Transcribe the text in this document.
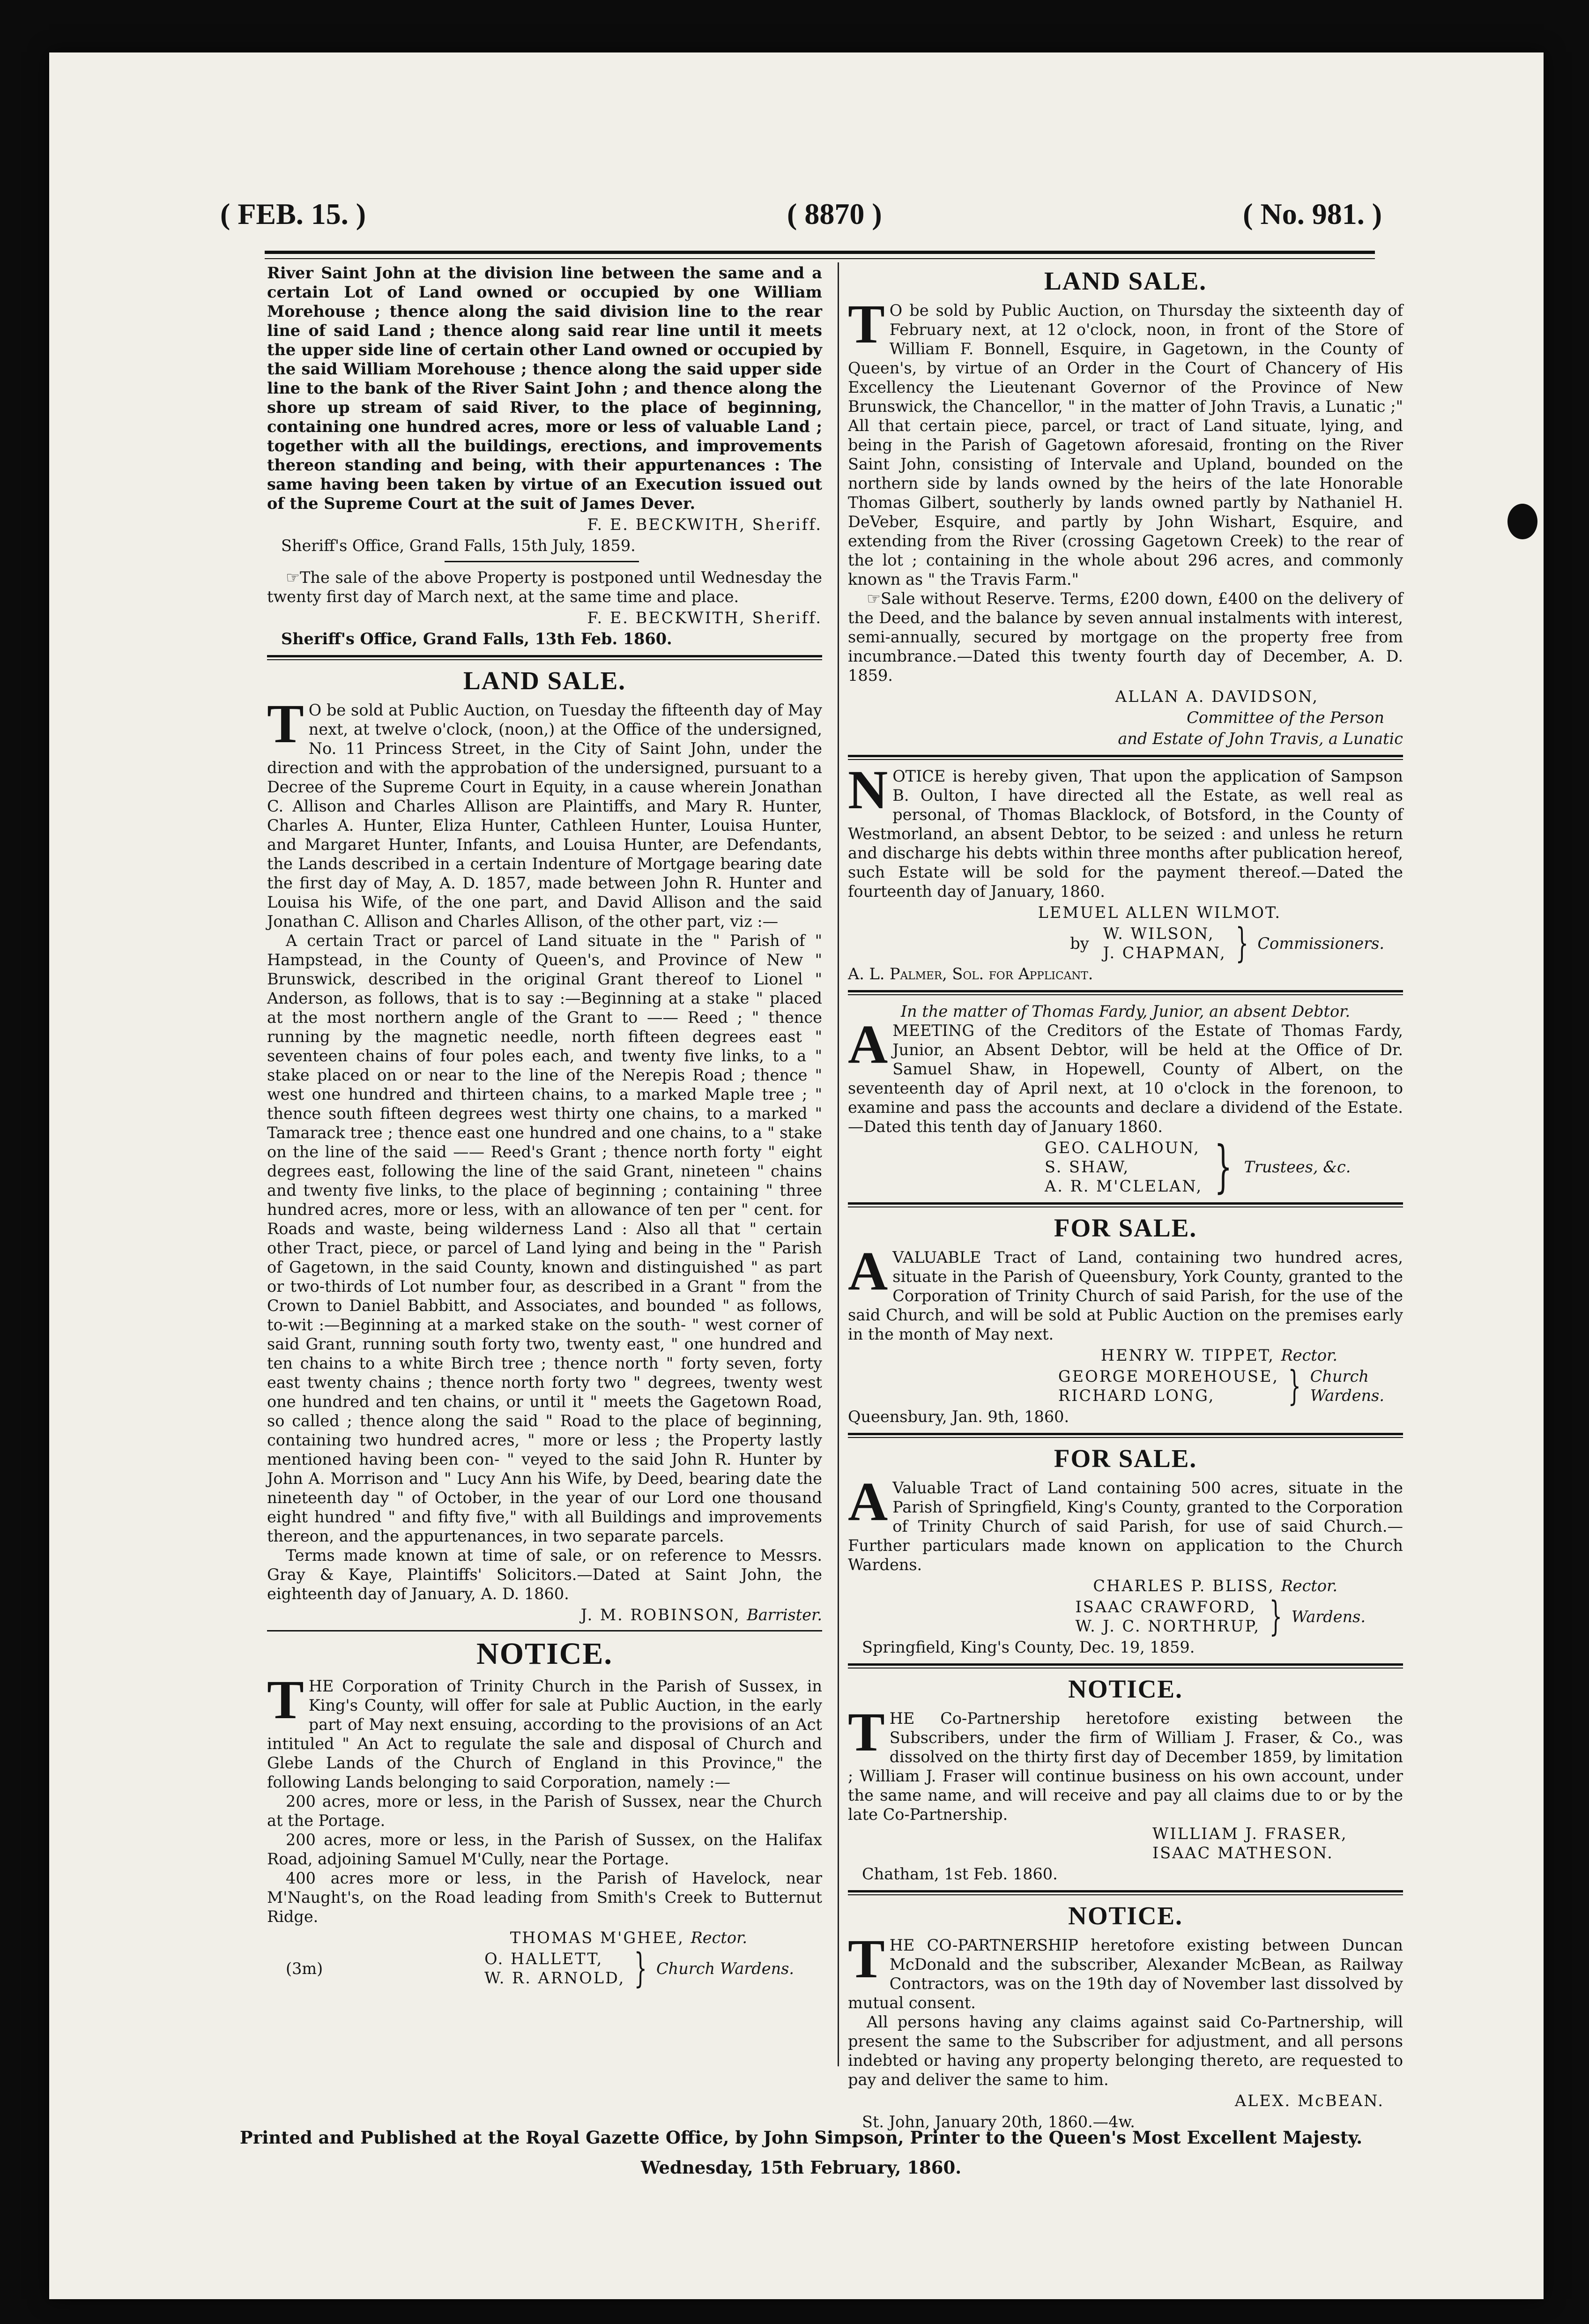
( FEB. 15. )	( 8870 )	( No. 981. )

River Saint John at the division line between the same and a certain Lot of Land owned or occupied by one William Morehouse ; thence along the said division line to the rear line of said Land ; thence along said rear line until it meets the upper side line of certain other Land owned or occupied by the said William Morehouse ; thence along the said upper side line to the bank of the River Saint John ; and thence along the shore up stream of said River, to the place of beginning, containing one hundred acres, more or less of valuable Land ; together with all the buildings, erections, and improvements thereon standing and being, with their appurtenances : The same having been taken by virtue of an Execution issued out of the Supreme Court at the suit of James Dever.

F. E. BECKWITH, Sheriff.

Sheriff's Office, Grand Falls, 15th July, 1859.

☞The sale of the above Property is postponed until Wednesday the twenty first day of March next, at the same time and place.

F. E. BECKWITH, Sheriff.

Sheriff's Office, Grand Falls, 13th Feb. 1860.

LAND SALE.

T O be sold at Public Auction, on Tuesday the fifteenth day of May next, at twelve o'clock, (noon,) at the Office of the undersigned, No. 11 Princess Street, in the City of Saint John, under the direction and with the approbation of the undersigned, pursuant to a Decree of the Supreme Court in Equity, in a cause wherein Jonathan C. Allison and Charles Allison are Plaintiffs, and Mary R. Hunter, Charles A. Hunter, Eliza Hunter, Cathleen Hunter, Louisa Hunter, and Margaret Hunter, Infants, and Louisa Hunter, are Defendants, the Lands described in a certain Indenture of Mortgage bearing date the first day of May, A. D. 1857, made between John R. Hunter and Louisa his Wife, of the one part, and David Allison and the said Jonathan C. Allison and Charles Allison, of the other part, viz :—

A certain Tract or parcel of Land situate in the " Parish of " Hampstead, in the County of Queen's, and Province of New " Brunswick, described in the original Grant thereof to Lionel " Anderson, as follows, that is to say :—Beginning at a stake " placed at the most northern angle of the Grant to —— Reed ; " thence running by the magnetic needle, north fifteen degrees east " seventeen chains of four poles each, and twenty five links, to a " stake placed on or near to the line of the Nerepis Road ; thence " west one hundred and thirteen chains, to a marked Maple tree ; " thence south fifteen degrees west thirty one chains, to a marked " Tamarack tree ; thence east one hundred and one chains, to a " stake on the line of the said —— Reed's Grant ; thence north forty " eight degrees east, following the line of the said Grant, nineteen " chains and twenty five links, to the place of beginning ; containing " three hundred acres, more or less, with an allowance of ten per " cent. for Roads and waste, being wilderness Land : Also all that " certain other Tract, piece, or parcel of Land lying and being in the " Parish of Gagetown, in the said County, known and distinguished " as part or two-thirds of Lot number four, as described in a Grant " from the Crown to Daniel Babbitt, and Associates, and bounded " as follows, to-wit :—Beginning at a marked stake on the south- " west corner of said Grant, running south forty two, twenty east, " one hundred and ten chains to a white Birch tree ; thence north " forty seven, forty east twenty chains ; thence north forty two " degrees, twenty west one hundred and ten chains, or until it " meets the Gagetown Road, so called ; thence along the said " Road to the place of beginning, containing two hundred acres, " more or less ; the Property lastly mentioned having been con- " veyed to the said John R. Hunter by John A. Morrison and " Lucy Ann his Wife, by Deed, bearing date the nineteenth day " of October, in the year of our Lord one thousand eight hundred " and fifty five," with all Buildings and improvements thereon, and the appurtenances, in two separate parcels.

Terms made known at time of sale, or on reference to Messrs. Gray & Kaye, Plaintiffs' Solicitors.—Dated at Saint John, the eighteenth day of January, A. D. 1860.

J. M. ROBINSON, Barrister.

NOTICE.

THE Corporation of Trinity Church in the Parish of Sussex, in King's County, will offer for sale at Public Auction, in the early part of May next ensuing, according to the provisions of an Act intituled " An Act to regulate the sale and disposal of Church and Glebe Lands of the Church of England in this Province," the following Lands belonging to said Corporation, namely :—

200 acres, more or less, in the Parish of Sussex, near the Church at the Portage.

200 acres, more or less, in the Parish of Sussex, on the Halifax Road, adjoining Samuel M'Cully, near the Portage.

400 acres more or less, in the Parish of Havelock, near M'Naught's, on the Road leading from Smith's Creek to Butternut Ridge.

THOMAS M'GHEE, Rector.

(3m)
O. HALLETT,
W. R. ARNOLD, } Church Wardens.
LAND SALE.

T O be sold by Public Auction, on Thursday the sixteenth day of February next, at 12 o'clock, noon, in front of the Store of William F. Bonnell, Esquire, in Gagetown, in the County of Queen's, by virtue of an Order in the Court of Chancery of His Excellency the Lieutenant Governor of the Province of New Brunswick, the Chancellor, " in the matter of John Travis, a Lunatic ;" All that certain piece, parcel, or tract of Land situate, lying, and being in the Parish of Gagetown aforesaid, fronting on the River Saint John, consisting of Intervale and Upland, bounded on the northern side by lands owned by the heirs of the late Honorable Thomas Gilbert, southerly by lands owned partly by Nathaniel H. DeVeber, Esquire, and partly by John Wishart, Esquire, and extending from the River (crossing Gagetown Creek) to the rear of the lot ; containing in the whole about 296 acres, and commonly known as " the Travis Farm."

☞Sale without Reserve. Terms, £200 down, £400 on the delivery of the Deed, and the balance by seven annual instalments with interest, semi-annually, secured by mortgage on the property free from incumbrance.—Dated this twenty fourth day of December, A. D. 1859.

ALLAN A. DAVIDSON,

Committee of the Person

and Estate of John Travis, a Lunatic

NOTICE is hereby given, That upon the application of Sampson B. Oulton, I have directed all the Estate, as well real as personal, of Thomas Blacklock, of Botsford, in the County of Westmorland, an absent Debtor, to be seized : and unless he return and discharge his debts within three months after publication hereof, such Estate will be sold for the payment thereof.—Dated the fourteenth day of January, 1860.

LEMUEL ALLEN WILMOT.

by
W. WILSON,
J. CHAPMAN, } Commissioners.

A. L. Palmer, Sol. for Applicant.

In the matter of Thomas Fardy, Junior, an absent Debtor.

AMEETING of the Creditors of the Estate of Thomas Fardy, Junior, an Absent Debtor, will be held at the Office of Dr. Samuel Shaw, in Hopewell, County of Albert, on the seventeenth day of April next, at 10 o'clock in the forenoon, to examine and pass the accounts and declare a dividend of the Estate.—Dated this tenth day of January 1860.

GEO. CALHOUN,
S. SHAW,
A. R. M'CLELAN, } Trustees, &c.
FOR SALE.

A VALUABLE Tract of Land, containing two hundred acres, situate in the Parish of Queensbury, York County, granted to the Corporation of Trinity Church of said Parish, for the use of the said Church, and will be sold at Public Auction on the premises early in the month of May next.

HENRY W. TIPPET, Rector.

GEORGE MOREHOUSE,
RICHARD LONG,	} Church
Wardens.

Queensbury, Jan. 9th, 1860.

FOR SALE.

A Valuable Tract of Land containing 500 acres, situate in the Parish of Springfield, King's County, granted to the Corporation of Trinity Church of said Parish, for use of said Church.—Further particulars made known on application to the Church Wardens.

CHARLES P. BLISS, Rector.

ISAAC CRAWFORD,
W. J. C. NORTHRUP, } Wardens.

Springfield, King's County, Dec. 19, 1859.

NOTICE.

THE Co-Partnership heretofore existing between the Subscribers, under the firm of William J. Fraser, & Co., was dissolved on the thirty first day of December 1859, by limitation ; William J. Fraser will continue business on his own account, under the same name, and will receive and pay all claims due to or by the late Co-Partnership.

WILLIAM J. FRASER,
ISAAC MATHESON.

Chatham, 1st Feb. 1860.

NOTICE.

THE CO-PARTNERSHIP heretofore existing between Duncan McDonald and the subscriber, Alexander McBean, as Railway Contractors, was on the 19th day of November last dissolved by mutual consent.

All persons having any claims against said Co-Partnership, will present the same to the Subscriber for adjustment, and all persons indebted or having any property belonging thereto, are requested to pay and deliver the same to him.

ALEX. McBEAN.

St. John, January 20th, 1860.—4w.

Printed and Published at the Royal Gazette Office, by John Simpson, Printer to the Queen's Most Excellent Majesty.
Wednesday, 15th February, 1860.
